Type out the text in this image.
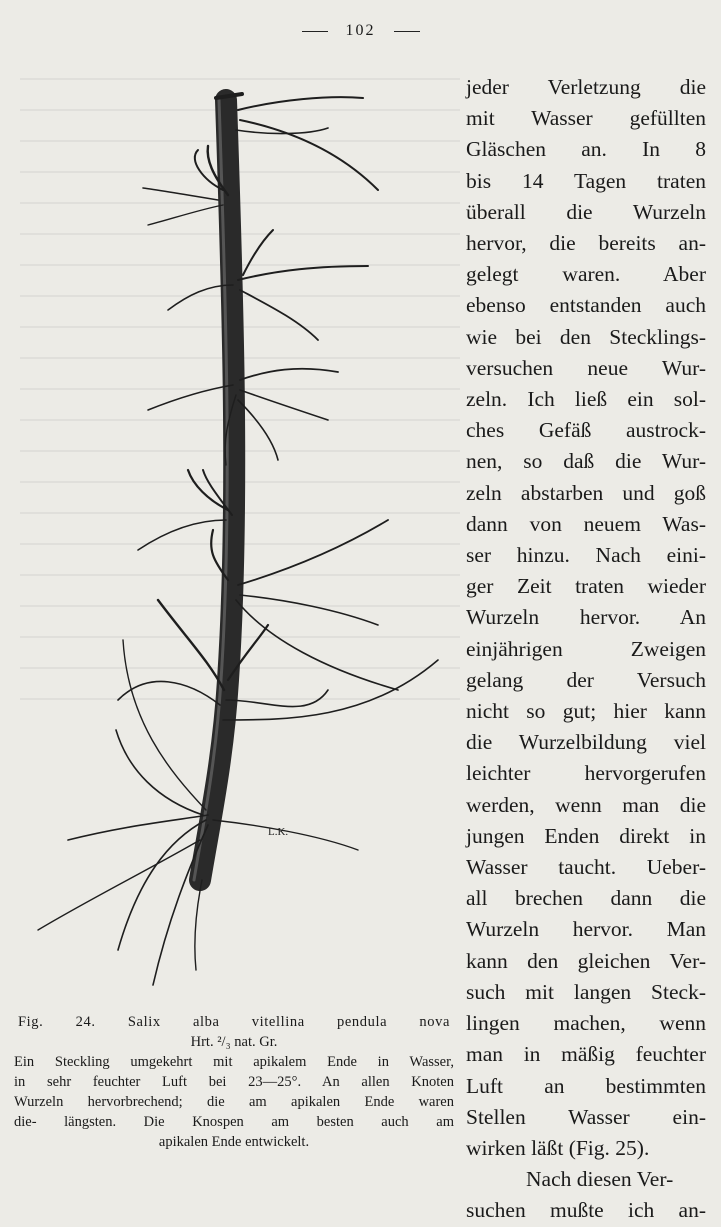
102
L.K.
Fig. 24. Salix alba vitellina pendula nova
Hrt. ²/₃ nat. Gr.
Ein Steckling umgekehrt mit apikalem Ende in Wasser,
in sehr feuchter Luft bei 23—25°. An allen Knoten
Wurzeln hervorbrechend; die am apikalen Ende waren
die- längsten. Die Knospen am besten auch am
apikalen Ende entwickelt.
jeder Verletzung die
mit Wasser gefüllten
Gläschen an. In 8
bis 14 Tagen traten
überall die Wurzeln
hervor, die bereits an-
gelegt waren. Aber
ebenso entstanden auch
wie bei den Stecklings-
versuchen neue Wur-
zeln. Ich ließ ein sol-
ches Gefäß austrock-
nen, so daß die Wur-
zeln abstarben und goß
dann von neuem Was-
ser hinzu. Nach eini-
ger Zeit traten wieder
Wurzeln hervor. An
einjährigen Zweigen
gelang der Versuch
nicht so gut; hier kann
die Wurzelbildung viel
leichter hervorgerufen
werden, wenn man die
jungen Enden direkt in
Wasser taucht. Ueber-
all brechen dann die
Wurzeln hervor. Man
kann den gleichen Ver-
such mit langen Steck-
lingen machen, wenn
man in mäßig feuchter
Luft an bestimmten
Stellen Wasser ein-
wirken läßt (Fig. 25).
Nach diesen Ver-
suchen mußte ich an-
